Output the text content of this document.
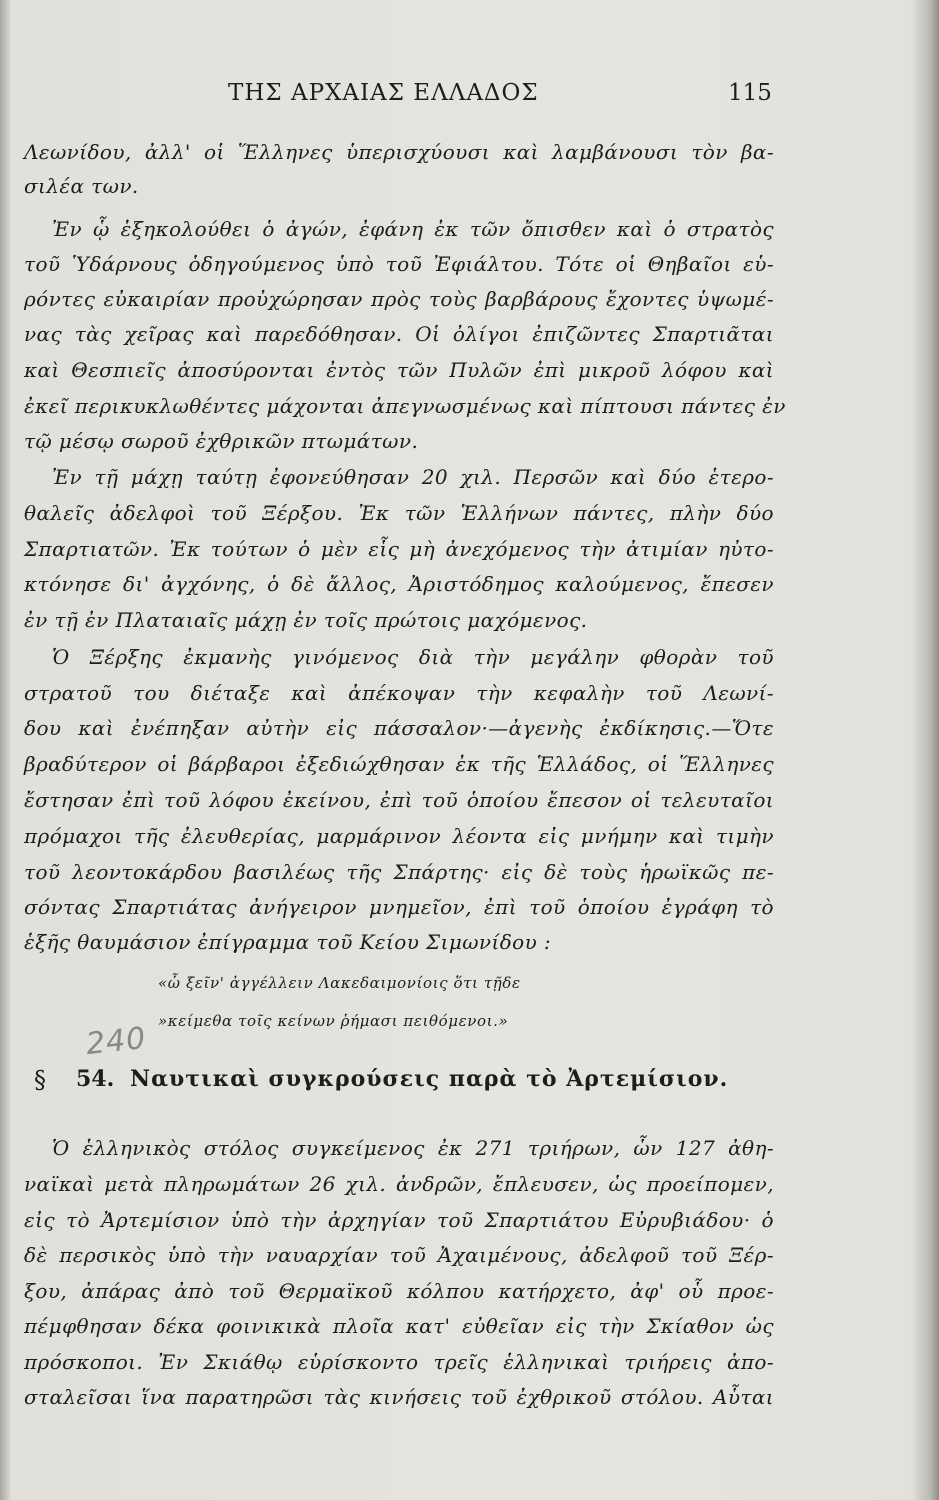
ΤΗΣ ΑΡΧΑΙΑΣ ΕΛΛΑΔΟΣ	115
Λεωνίδου, ἀλλ' οἱ Ἕλληνες ὑπερισχύουσι καὶ λαμβάνουσι τὸν βα-
σιλέα των.
Ἐν ᾧ ἐξηκολούθει ὁ ἀγών, ἐφάνη ἐκ τῶν ὄπισθεν καὶ ὁ στρατὸς
τοῦ Ὑδάρνους ὁδηγούμενος ὑπὸ τοῦ Ἐφιάλτου. Τότε οἱ Θηβαῖοι εὑ-
ρόντες εὐκαιρίαν προὐχώρησαν πρὸς τοὺς βαρβάρους ἔχοντες ὑψωμέ-
νας τὰς χεῖρας καὶ παρεδόθησαν. Οἱ ὀλίγοι ἐπιζῶντες Σπαρτιᾶται
καὶ Θεσπιεῖς ἀποσύρονται ἐντὸς τῶν Πυλῶν ἐπὶ μικροῦ λόφου καὶ
ἐκεῖ περικυκλωθέντες μάχονται ἀπεγνωσμένως καὶ πίπτουσι πάντες ἐν
τῷ μέσῳ σωροῦ ἐχθρικῶν πτωμάτων.
Ἐν τῇ μάχῃ ταύτῃ ἐφονεύθησαν 20 χιλ. Περσῶν καὶ δύο ἑτερο-
θαλεῖς ἀδελφοὶ τοῦ Ξέρξου. Ἐκ τῶν Ἑλλήνων πάντες, πλὴν δύο
Σπαρτιατῶν. Ἐκ τούτων ὁ μὲν εἷς μὴ ἀνεχόμενος τὴν ἀτιμίαν ηὐτο-
κτόνησε δι' ἀγχόνης, ὁ δὲ ἄλλος, Ἀριστόδημος καλούμενος, ἔπεσεν
ἐν τῇ ἐν Πλαταιαῖς μάχῃ ἐν τοῖς πρώτοις μαχόμενος.
Ὁ Ξέρξης ἐκμανὴς γινόμενος διὰ τὴν μεγάλην φθορὰν τοῦ
στρατοῦ του διέταξε καὶ ἀπέκοψαν τὴν κεφαλὴν τοῦ Λεωνί-
δου καὶ ἐνέπηξαν αὐτὴν εἰς πάσσαλον·—ἀγενὴς ἐκδίκησις.—Ὅτε
βραδύτερον οἱ βάρβαροι ἐξεδιώχθησαν ἐκ τῆς Ἑλλάδος, οἱ Ἕλληνες
ἔστησαν ἐπὶ τοῦ λόφου ἐκείνου, ἐπὶ τοῦ ὁποίου ἔπεσον οἱ τελευταῖοι
πρόμαχοι τῆς ἐλευθερίας, μαρμάρινον λέοντα εἰς μνήμην καὶ τιμὴν
τοῦ λεοντοκάρδου βασιλέως τῆς Σπάρτης· εἰς δὲ τοὺς ἡρωϊκῶς πε-
σόντας Σπαρτιάτας ἀνήγειρον μνημεῖον, ἐπὶ τοῦ ὁποίου ἐγράφη τὸ
ἑξῆς θαυμάσιον ἐπίγραμμα τοῦ Κείου Σιμωνίδου :
«ὦ ξεῖν' ἀγγέλλειν Λακεδαιμονίοις ὅτι τῇδε
»κείμεθα τοῖς κείνων ῥήμασι πειθόμενοι.»
240
§ 54. Ναυτικαὶ συγκρούσεις παρὰ τὸ Ἀρτεμίσιον.
Ὁ ἑλληνικὸς στόλος συγκείμενος ἐκ 271 τριήρων, ὧν 127 ἀθη-
ναϊκαὶ μετὰ πληρωμάτων 26 χιλ. ἀνδρῶν, ἔπλευσεν, ὡς προείπομεν,
εἰς τὸ Ἀρτεμίσιον ὑπὸ τὴν ἀρχηγίαν τοῦ Σπαρτιάτου Εὐρυβιάδου· ὁ
δὲ περσικὸς ὑπὸ τὴν ναυαρχίαν τοῦ Ἀχαιμένους, ἀδελφοῦ τοῦ Ξέρ-
ξου, ἀπάρας ἀπὸ τοῦ Θερμαϊκοῦ κόλπου κατήρχετο, ἀφ' οὗ προε-
πέμφθησαν δέκα φοινικικὰ πλοῖα κατ' εὐθεῖαν εἰς τὴν Σκίαθον ὡς
πρόσκοποι. Ἐν Σκιάθῳ εὑρίσκοντο τρεῖς ἑλληνικαὶ τριήρεις ἀπο-
σταλεῖσαι ἵνα παρατηρῶσι τὰς κινήσεις τοῦ ἐχθρικοῦ στόλου. Αὗται
